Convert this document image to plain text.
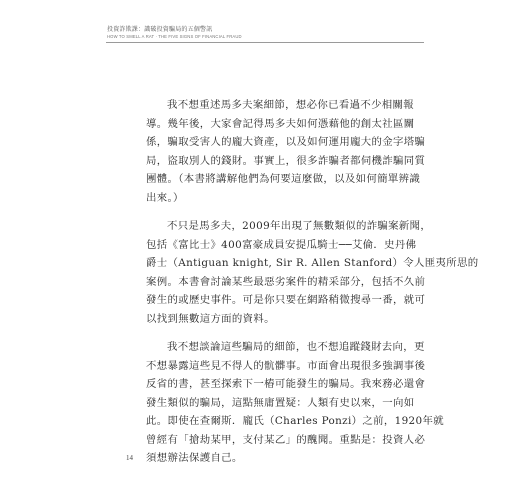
投資詐欺課：識破投資騙局的五個警訊
HOW TO SMELL A RAT · THE FIVE SIGNS OF FINANCIAL FRAUD
我不想重述馬多夫案細節，想必你已看過不少相關報
導。幾年後，大家會記得馬多夫如何憑藉他的創太社區關
係，騙取受害人的龐大資產，以及如何運用龐大的金字塔騙
局，盜取別人的錢財。事實上，很多詐騙者都伺機詐騙同質
團體。（本書將講解他們為何要這麼做，以及如何簡單辨識
出來。）
不只是馬多夫，2009年出現了無數類似的詐騙案新聞，
包括《富比士》400富豪成員安提瓜騎士──艾倫．史丹佛
爵士（Antiguan knight, Sir R. Allen Stanford）令人匪夷所思的
案例。本書會討論某些最惡劣案件的精采部分，包括不久前
發生的或歷史事件。可是你只要在網路稍微搜尋一番，就可
以找到無數這方面的資料。
我不想談論這些騙局的細節，也不想追蹤錢財去向，更
不想暴露這些見不得人的骯髒事。市面會出現很多強調事後
反省的書，甚至探索下一樁可能發生的騙局。我來務必還會
發生類似的騙局，這點無庸置疑：人類有史以來，一向如
此。即使在查爾斯．龐氏（Charles Ponzi）之前，1920年就
曾經有「搶劫某甲，支付某乙」的醜聞。重點是：投資人必
須想辦法保護自己。
14
